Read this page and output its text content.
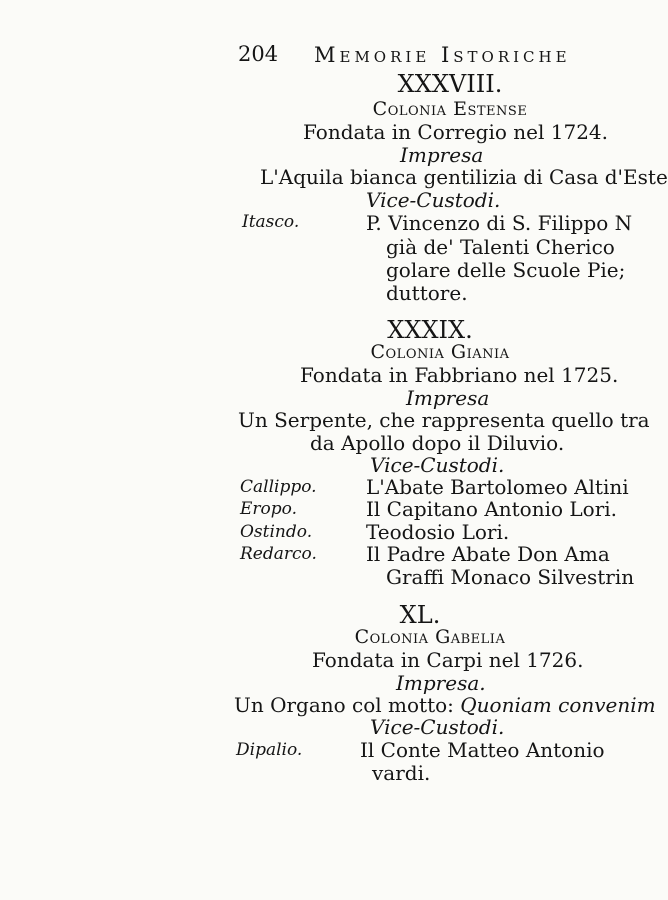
204 Memorie Istoriche
XXXVIII.
Colonia Estense
Fondata in Corregio nel 1724.
Impresa
L'Aquila bianca gentilizia di Casa d'Este
Vice-Custodi.
Itasco.	P. Vincenzo di S. Filippo N
già de' Talenti Cherico
golare delle Scuole Pie;
duttore.
XXXIX.
Colonia Giania
Fondata in Fabbriano nel 1725.
Impresa
Un Serpente, che rappresenta quello tra
da Apollo dopo il Diluvio.
Vice-Custodi.
Callippo. L'Abate Bartolomeo Altini
Eropo.	Il Capitano Antonio Lori.
Ostindo.	Teodosio Lori.
Redarco. Il Padre Abate Don Ama
Graffi Monaco Silvestrin
XL.
Colonia Gabelia
Fondata in Carpi nel 1726.
Impresa.
Un Organo col motto: Quoniam convenim
Vice-Custodi.
Dipalio.	Il Conte Matteo Antonio
vardi.
